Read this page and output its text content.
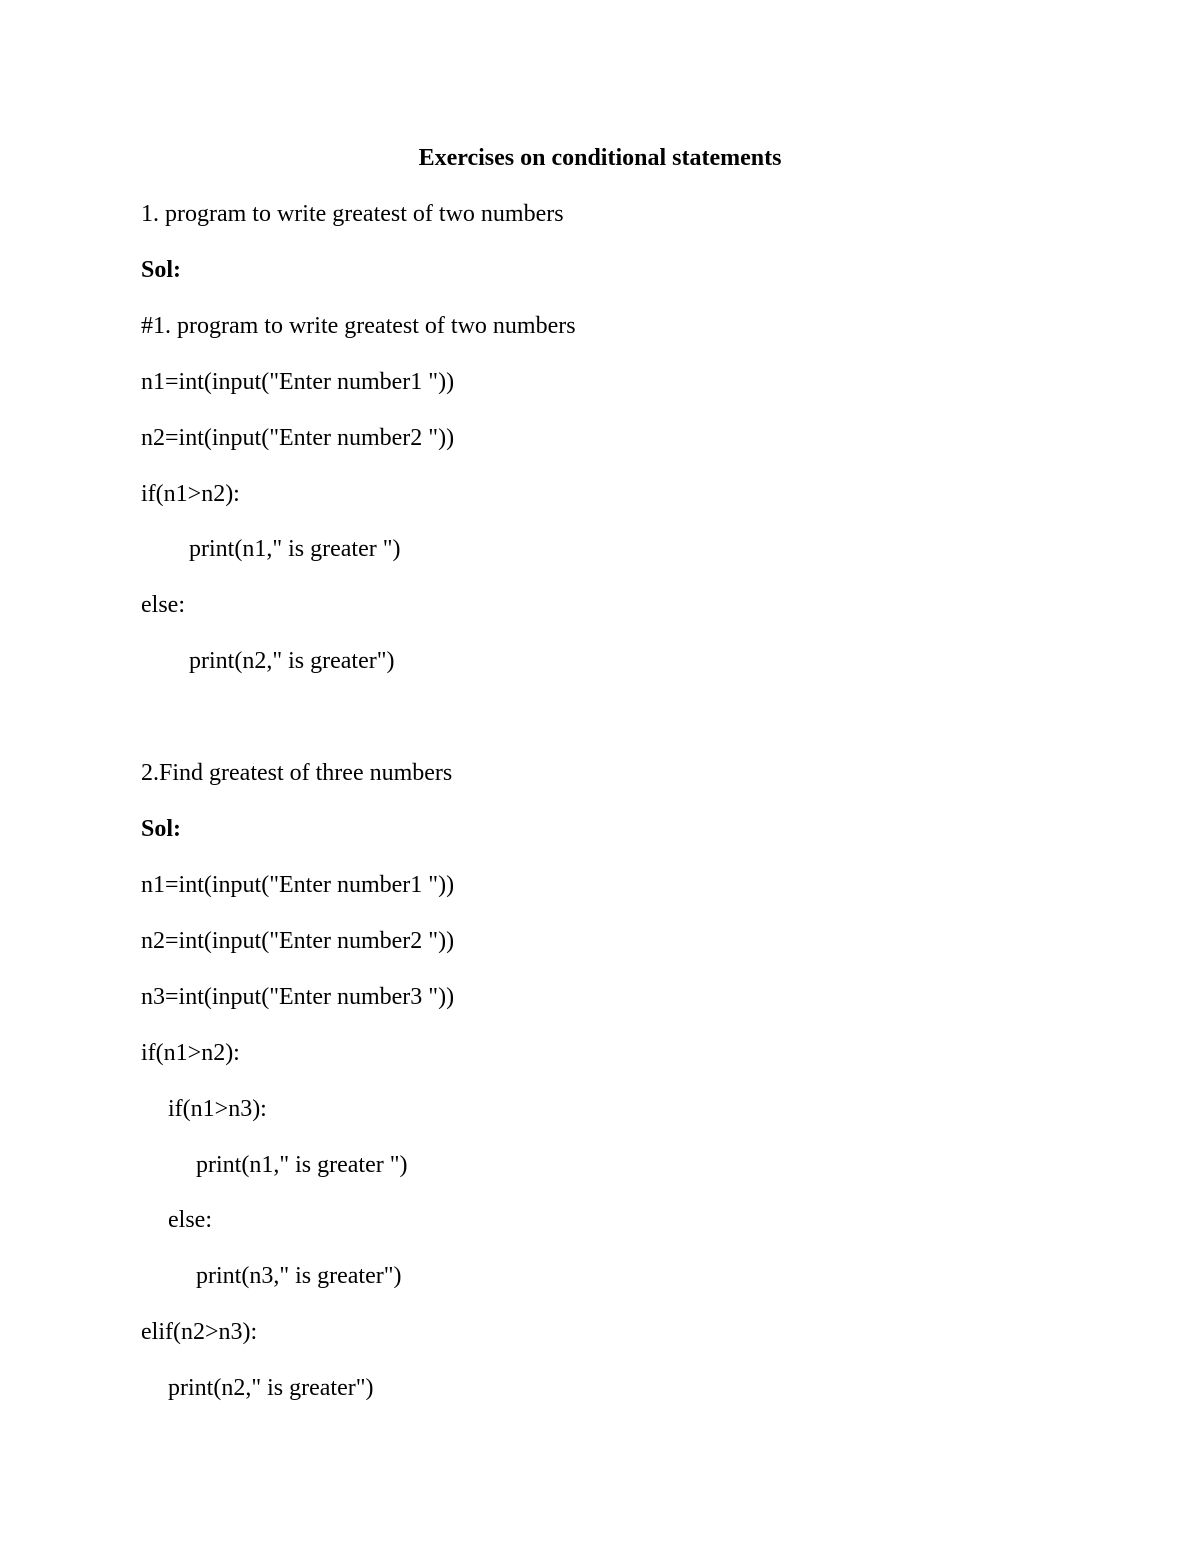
Exercises on conditional statements
1. program to write greatest of two numbers
Sol:
#1. program to write greatest of two numbers
n1=int(input("Enter number1 "))
n2=int(input("Enter number2 "))
if(n1>n2):
print(n1," is greater ")
else:
print(n2," is greater")
2.Find greatest of three numbers
Sol:
n1=int(input("Enter number1 "))
n2=int(input("Enter number2 "))
n3=int(input("Enter number3 "))
if(n1>n2):
if(n1>n3):
print(n1," is greater ")
else:
print(n3," is greater")
elif(n2>n3):
print(n2," is greater")
